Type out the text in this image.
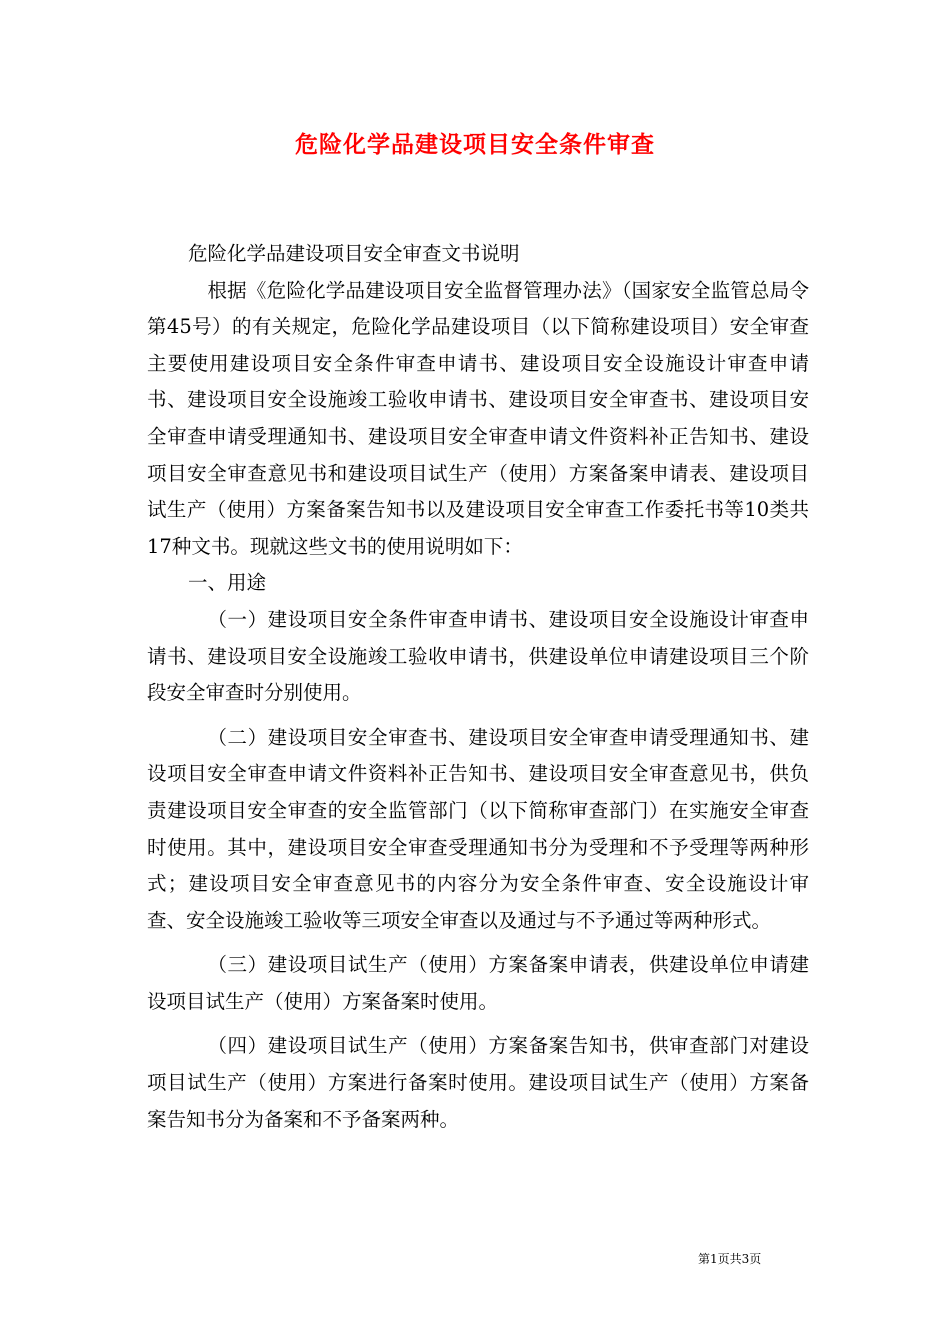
危险化学品建设项目安全条件审查

危险化学品建设项目安全审查文书说明

根据《危险化学品建设项目安全监督管理办法》（国家安全监管总局令第45号）的有关规定，危险化学品建设项目（以下简称建设项目）安全审查主要使用建设项目安全条件审查申请书、建设项目安全设施设计审查申请书、建设项目安全设施竣工验收申请书、建设项目安全审查书、建设项目安全审查申请受理通知书、建设项目安全审查申请文件资料补正告知书、建设项目安全审查意见书和建设项目试生产（使用）方案备案申请表、建设项目试生产（使用）方案备案告知书以及建设项目安全审查工作委托书等10类共17种文书。现就这些文书的使用说明如下：

一、用途

（一）建设项目安全条件审查申请书、建设项目安全设施设计审查申请书、建设项目安全设施竣工验收申请书，供建设单位申请建设项目三个阶段安全审查时分别使用。

（二）建设项目安全审查书、建设项目安全审查申请受理通知书、建设项目安全审查申请文件资料补正告知书、建设项目安全审查意见书，供负责建设项目安全审查的安全监管部门（以下简称审查部门）在实施安全审查时使用。其中，建设项目安全审查受理通知书分为受理和不予受理等两种形式；建设项目安全审查意见书的内容分为安全条件审查、安全设施设计审查、安全设施竣工验收等三项安全审查以及通过与不予通过等两种形式。

（三）建设项目试生产（使用）方案备案申请表，供建设单位申请建设项目试生产（使用）方案备案时使用。

（四）建设项目试生产（使用）方案备案告知书，供审查部门对建设项目试生产（使用）方案进行备案时使用。建设项目试生产（使用）方案备案告知书分为备案和不予备案两种。

第1页共3页
